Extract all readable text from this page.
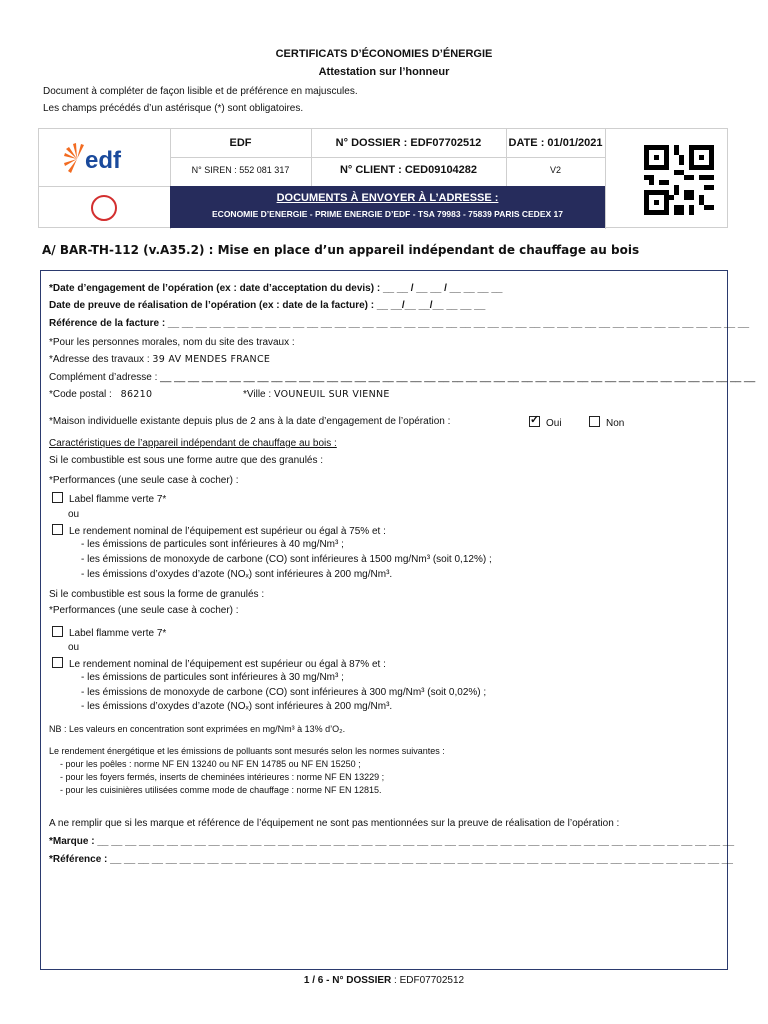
CERTIFICATS D’ÉCONOMIES D’ÉNERGIE
Attestation sur l’honneur
Document à compléter de façon lisible et de préférence en majuscules.
Les champs précédés d’un astérisque (*) sont obligatoires.
edf
EDF	N° DOSSIER : EDF07702512	DATE : 01/01/2021
N° SIREN : 552 081 317	N° CLIENT : CED09104282	V2
DOCUMENTS À ENVOYER À L’ADRESSE :
ECONOMIE D’ENERGIE - PRIME ENERGIE D’EDF - TSA 79983 - 75839 PARIS CEDEX 17
A/ BAR-TH-112 (v.A35.2) : Mise en place d’un appareil indépendant de chauffage au bois
*Date d’engagement de l’opération (ex : date d’acceptation du devis) : __ __ / __ __ / __ __ __ __
Date de preuve de réalisation de l’opération (ex : date de la facture) : __ __/__ __/__ __ __ __
Référence de la facture : __ __ __ __ __ __ __ __ __ __ __ __ __ __ __ __ __ __ __ __ __ __ __ __ __ __ __ __ __ __ __ __ __ __ __ __ __ __ __ __ __ __
*Pour les personnes morales, nom du site des travaux :
*Adresse des travaux : 39 AV MENDES FRANCE
Complément d’adresse : __ __ __ __ __ __ __ __ __ __ __ __ __ __ __ __ __ __ __ __ __ __ __ __ __ __ __ __ __ __ __ __ __ __ __ __ __ __ __ __ __ __ __
*Code postal : 86210	*Ville : VOUNEUIL SUR VIENNE
*Maison individuelle existante depuis plus de 2 ans à la date d’engagement de l’opération : ✓	Oui	Non
Caractéristiques de l’appareil indépendant de chauffage au bois :
Si le combustible est sous une forme autre que des granulés :
*Performances (une seule case à cocher) :
Label flamme verte 7*
ou
Le rendement nominal de l’équipement est supérieur ou égal à 75% et :
- les émissions de particules sont inférieures à 40 mg/Nm³ ;
- les émissions de monoxyde de carbone (CO) sont inférieures à 1500 mg/Nm³ (soit 0,12%) ;
- les émissions d’oxydes d’azote (NOₓ) sont inférieures à 200 mg/Nm³.
Si le combustible est sous la forme de granulés :
*Performances (une seule case à cocher) :
Label flamme verte 7*
ou
Le rendement nominal de l’équipement est supérieur ou égal à 87% et :
- les émissions de particules sont inférieures à 30 mg/Nm³ ;
- les émissions de monoxyde de carbone (CO) sont inférieures à 300 mg/Nm³ (soit 0,02%) ;
- les émissions d’oxydes d’azote (NOₓ) sont inférieures à 200 mg/Nm³.
NB : Les valeurs en concentration sont exprimées en mg/Nm³ à 13% d’O₂.
Le rendement énergétique et les émissions de polluants sont mesurés selon les normes suivantes :
- pour les poêles : norme NF EN 13240 ou NF EN 14785 ou NF EN 15250 ;
- pour les foyers fermés, inserts de cheminées intérieures : norme NF EN 13229 ;
- pour les cuisinières utilisées comme mode de chauffage : norme NF EN 12815.
A ne remplir que si les marque et référence de l’équipement ne sont pas mentionnées sur la preuve de réalisation de l’opération :
*Marque : __ __ __ __ __ __ __ __ __ __ __ __ __ __ __ __ __ __ __ __ __ __ __ __ __ __ __ __ __ __ __ __ __ __ __ __ __ __ __ __ __ __ __ __ __ __
*Référence : __ __ __ __ __ __ __ __ __ __ __ __ __ __ __ __ __ __ __ __ __ __ __ __ __ __ __ __ __ __ __ __ __ __ __ __ __ __ __ __ __ __ __ __ __
1 / 6 - N° DOSSIER : EDF07702512
